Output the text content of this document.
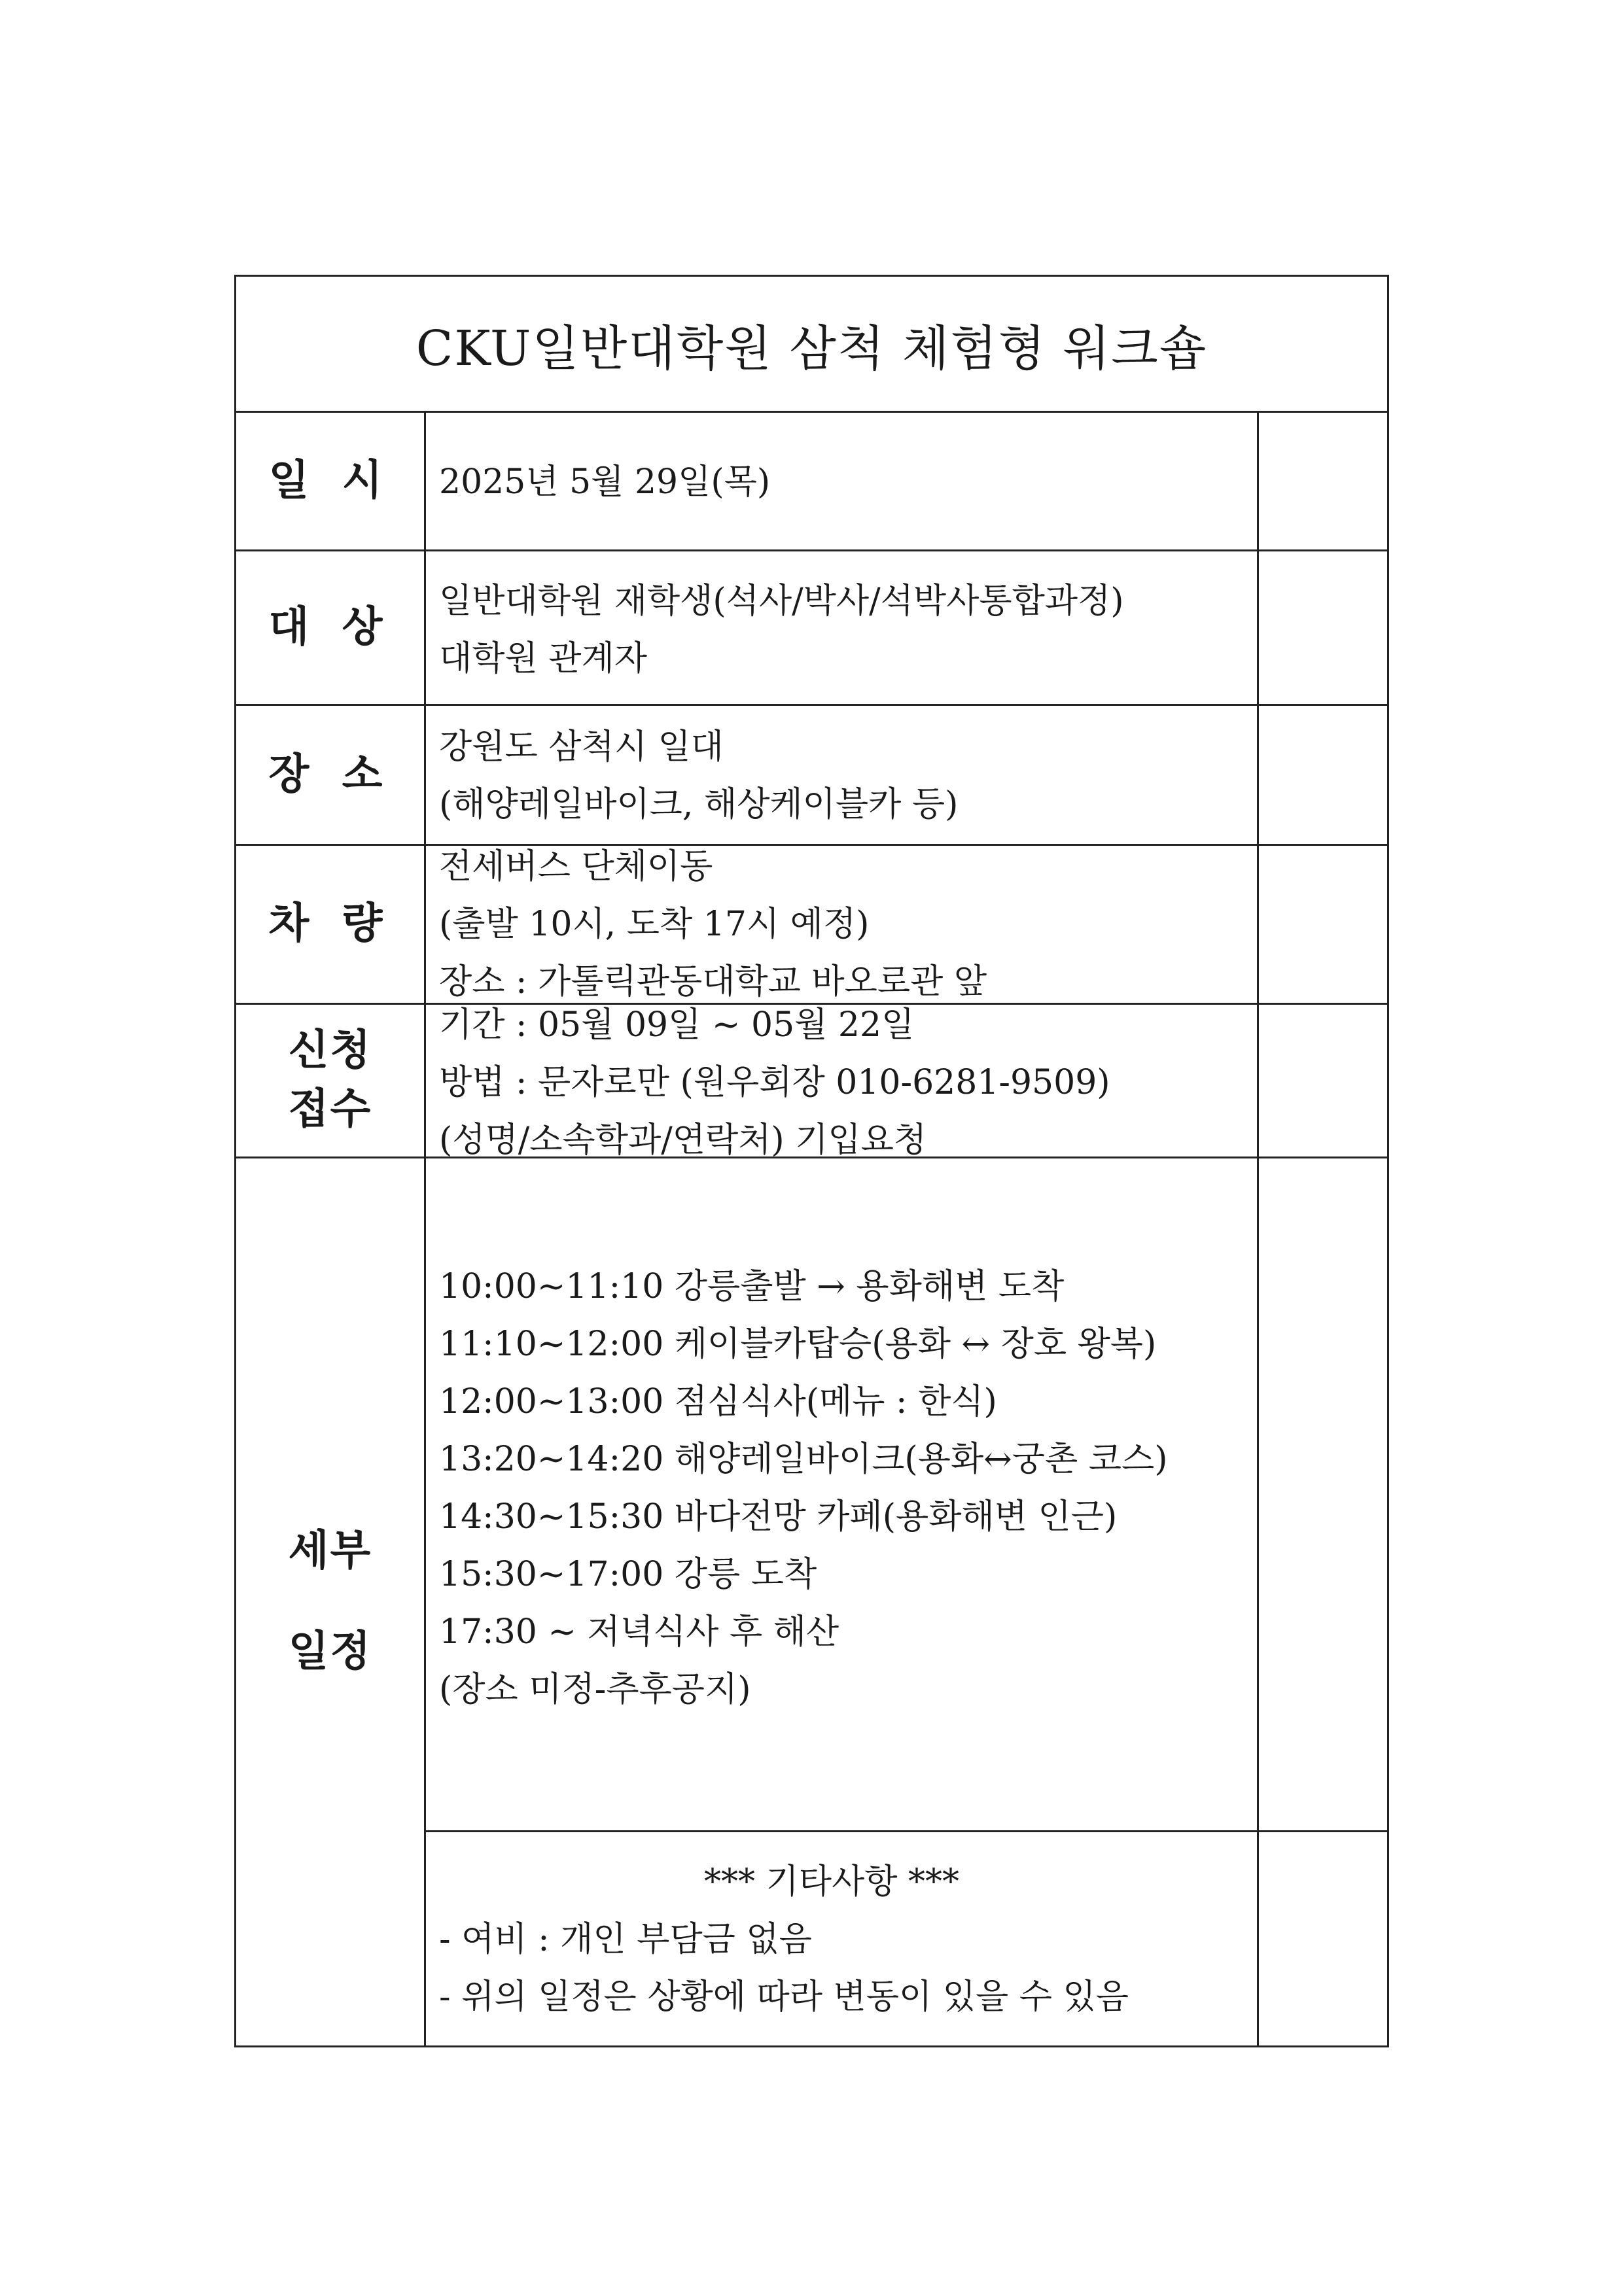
CKU일반대학원 삼척 체험형 워크숍
일 시	2025년 5월 29일(목)
대 상
일반대학원 재학생(석사/박사/석박사통합과정)
대학원 관계자
장 소
강원도 삼척시 일대
(해양레일바이크, 해상케이블카 등)
차 량
전세버스 단체이동
(출발 10시, 도착 17시 예정)
장소 : 가톨릭관동대학교 바오로관 앞
신청
접수
기간 : 05월 09일 ~ 05월 22일
방법 : 문자로만 (원우회장 010-6281-9509)
(성명/소속학과/연락처) 기입요청
세부
일정
10:00~11:10 강릉출발 → 용화해변 도착
11:10~12:00 케이블카탑승(용화 ↔ 장호 왕복)
12:00~13:00 점심식사(메뉴 : 한식)
13:20~14:20 해양레일바이크(용화↔궁촌 코스)
14:30~15:30 바다전망 카페(용화해변 인근)
15:30~17:00 강릉 도착
17:30 ~ 저녁식사 후 해산
(장소 미정-추후공지)
*** 기타사항 ***
- 여비 : 개인 부담금 없음
- 위의 일정은 상황에 따라 변동이 있을 수 있음
